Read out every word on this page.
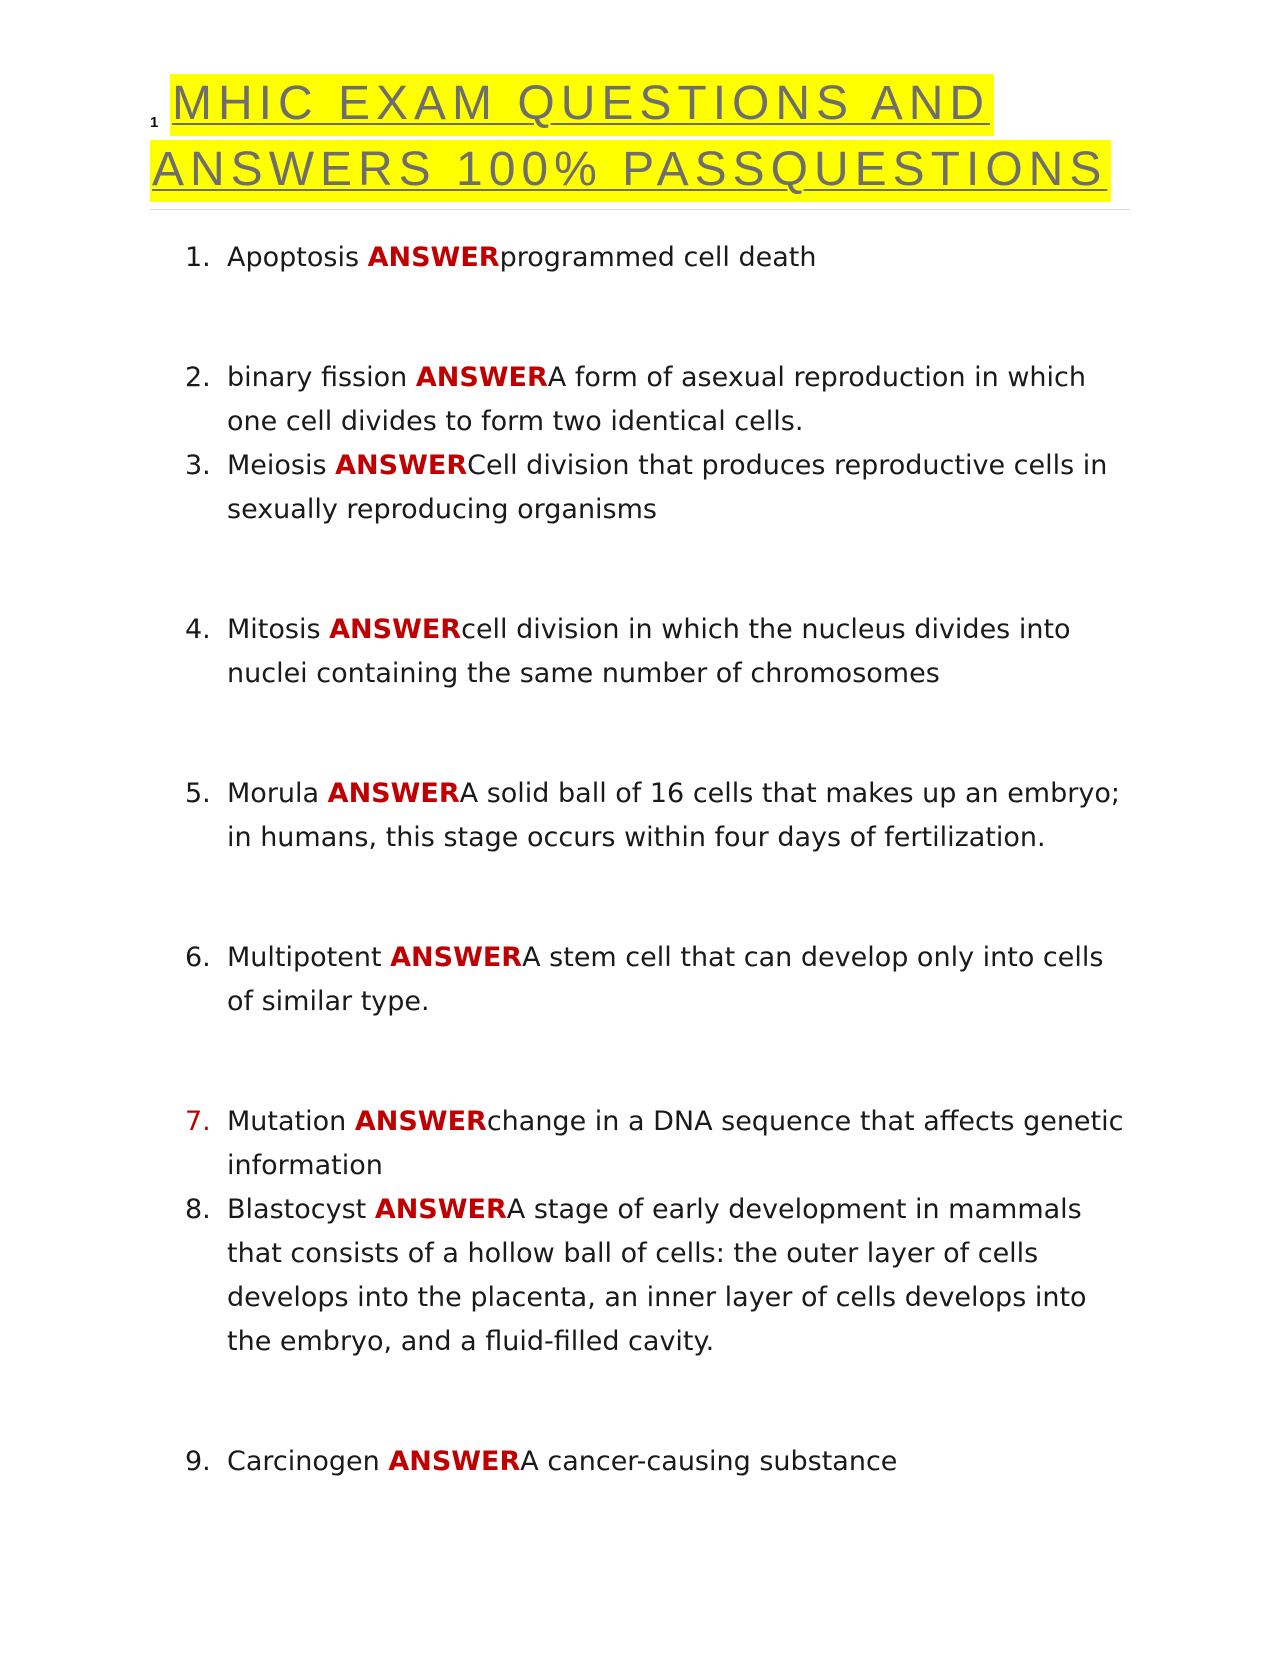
1 MHIC EXAM QUESTIONS AND
ANSWERS 100% PASSQUESTIONS
1. Apoptosis ANSWERprogrammed cell death
2. binary fission ANSWERA form of asexual reproduction in which one cell divides to form two identical cells.
3. Meiosis ANSWERCell division that produces reproductive cells in sexually reproducing organisms
4. Mitosis ANSWERcell division in which the nucleus divides into nuclei containing the same number of chromosomes
5. Morula ANSWERA solid ball of 16 cells that makes up an embryo; in humans, this stage occurs within four days of fertilization.
6. Multipotent ANSWERA stem cell that can develop only into cells of similar type.
7. Mutation ANSWERchange in a DNA sequence that affects genetic information
8. Blastocyst ANSWERA stage of early development in mammals that consists of a hollow ball of cells: the outer layer of cells develops into the placenta, an inner layer of cells develops into the embryo, and a fluid-filled cavity.
9. Carcinogen ANSWERA cancer-causing substance
